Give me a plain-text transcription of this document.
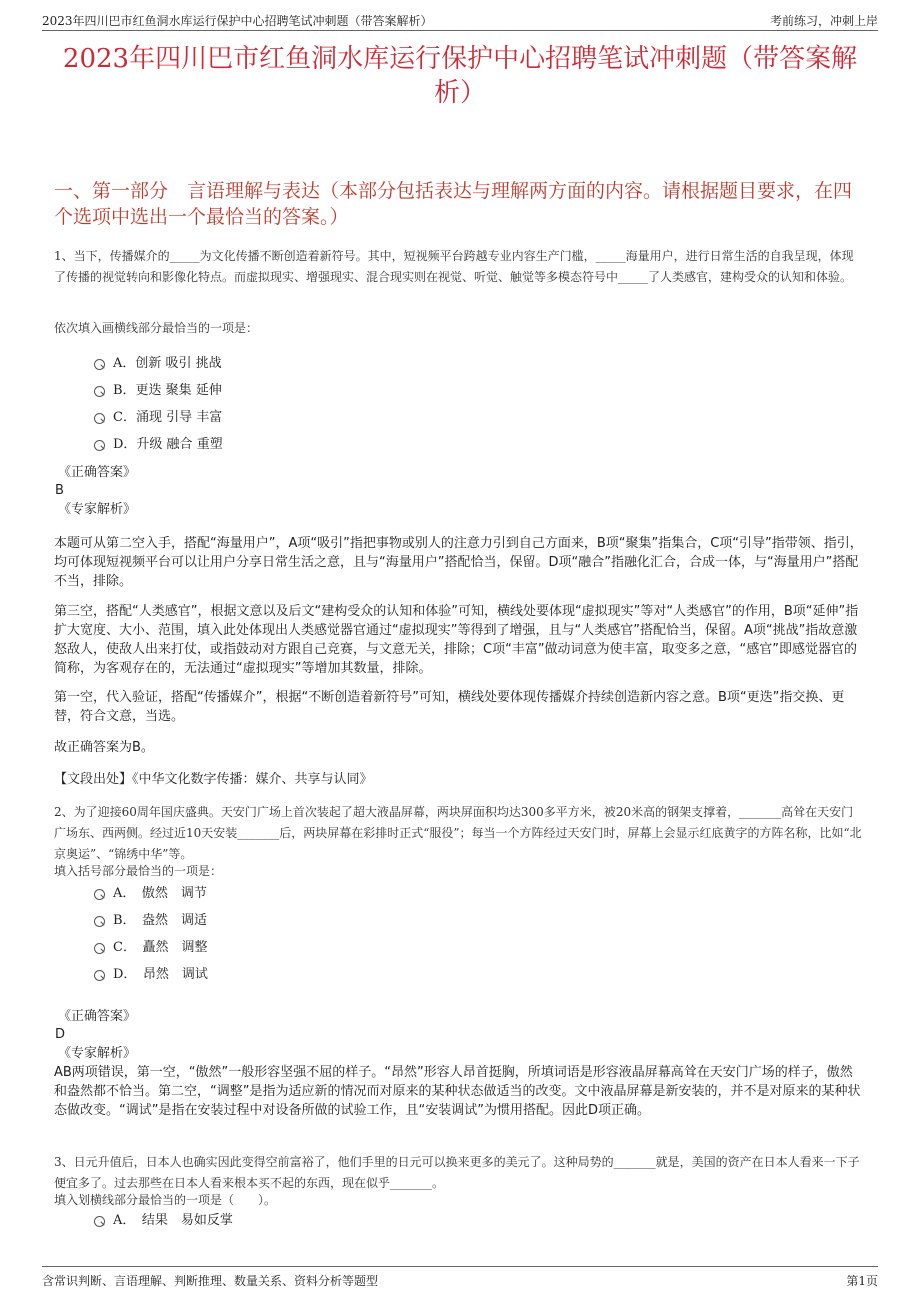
2023年四川巴市红鱼洞水库运行保护中心招聘笔试冲刺题（带答案解析）	考前练习，冲刺上岸
2023年四川巴市红鱼洞水库运行保护中心招聘笔试冲刺题（带答案解析）
一、第一部分　言语理解与表达（本部分包括表达与理解两方面的内容。请根据题目要求，在四个选项中选出一个最恰当的答案。）
1、当下，传播媒介的_____为文化传播不断创造着新符号。其中，短视频平台跨越专业内容生产门槛，_____海量用户，进行日常生活的自我呈现，体现了传播的视觉转向和影像化特点。而虚拟现实、增强现实、混合现实则在视觉、听觉、触觉等多模态符号中_____了人类感官，建构受众的认知和体验。
依次填入画横线部分最恰当的一项是：
A．创新 吸引 挑战
B．更迭 聚集 延伸
C．涌现 引导 丰富
D．升级 融合 重塑
《正确答案》
B
《专家解析》
本题可从第二空入手，搭配“海量用户”，A项“吸引”指把事物或别人的注意力引到自己方面来，B项“聚集”指集合，C项“引导”指带领、指引，均可体现短视频平台可以让用户分享日常生活之意，且与“海量用户”搭配恰当，保留。D项“融合”指融化汇合，合成一体，与“海量用户”搭配不当，排除。
第三空，搭配“人类感官”，根据文意以及后文“建构受众的认知和体验”可知，横线处要体现“虚拟现实”等对“人类感官”的作用，B项“延伸”指扩大宽度、大小、范围，填入此处体现出人类感觉器官通过“虚拟现实”等得到了增强，且与“人类感官”搭配恰当，保留。A项“挑战”指故意激怒敌人，使敌人出来打仗，或指鼓动对方跟自己竞赛，与文意无关，排除；C项“丰富”做动词意为使丰富，取变多之意，“感官”即感觉器官的简称，为客观存在的，无法通过“虚拟现实”等增加其数量，排除。
第一空，代入验证，搭配“传播媒介”，根据“不断创造着新符号”可知，横线处要体现传播媒介持续创造新内容之意。B项“更迭”指交换、更替，符合文意，当选。
故正确答案为B。
【文段出处】《中华文化数字传播：媒介、共享与认同》
2、为了迎接60周年国庆盛典。天安门广场上首次装起了超大液晶屏幕，两块屏面积均达300多平方米，被20米高的钢架支撑着，_______高耸在天安门广场东、西两侧。经过近10天安装_______后，两块屏幕在彩排时正式“服役”；每当一个方阵经过天安门时，屏幕上会显示红底黄字的方阵名称，比如“北京奥运”、“锦绣中华”等。
填入括号部分最恰当的一项是：
A．　傲然　调节
B．　盎然　调适
C．　矗然　调整
D．　昂然　调试
《正确答案》
D
《专家解析》
AB两项错误，第一空，“傲然”一般形容坚强不屈的样子。“昂然”形容人昂首挺胸，所填词语是形容液晶屏幕高耸在天安门广场的样子，傲然和盎然都不恰当。第二空，“调整”是指为适应新的情况而对原来的某种状态做适当的改变。文中液晶屏幕是新安装的，并不是对原来的某种状态做改变。“调试”是指在安装过程中对设备所做的试验工作，且“安装调试”为惯用搭配。因此D项正确。
3、日元升值后，日本人也确实因此变得空前富裕了，他们手里的日元可以换来更多的美元了。这种局势的_______就是，美国的资产在日本人看来一下子便宜多了。过去那些在日本人看来根本买不起的东西，现在似乎_______。
填入划横线部分最恰当的一项是（　　）。
A．　结果　易如反掌
含常识判断、言语理解、判断推理、数量关系、资料分析等题型	第1页
